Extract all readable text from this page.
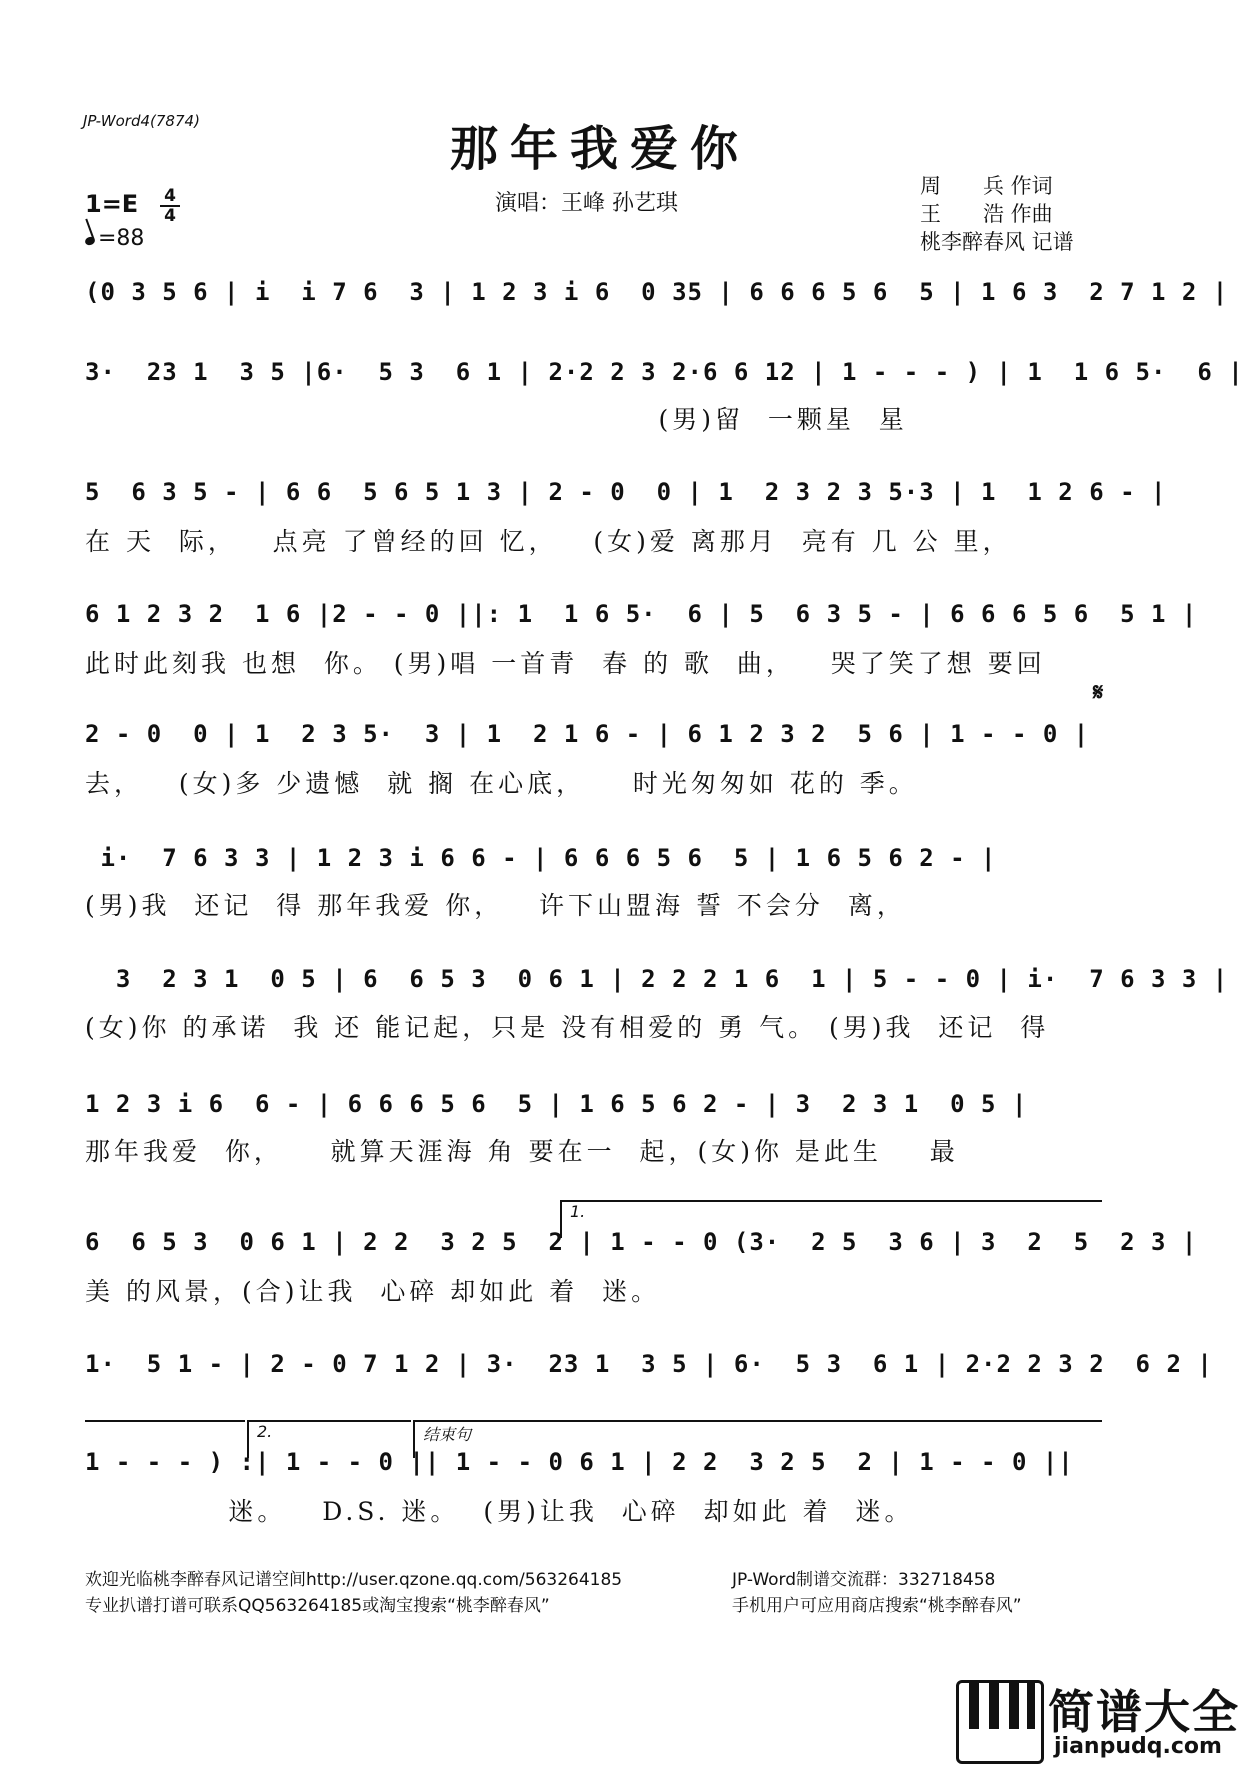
JP-Word4(7874)	那年我爱你
1=E 4
4
=88
演唱：王峰 孙艺琪
周　　兵 作词
王　　浩 作曲
桃李醉春风 记谱
𝄋
(0 3 5 6 | i  i 7 6  3 | 1 2 3 i 6  0 35 | 6 6 6 5 6  5 | 1 6 3  2 7 1 2 |
3·  23 1  3 5 |6·  5 3  6 1 | 2·2 2 3 2·6 6 12 | 1 - - - ) | 1  1 6 5·  6 |
(男)留  一颗星  星
5  6 3 5 - | 6 6  5 6 5 1 3 | 2 - 0  0 | 1  2 3 2 3 5·3 | 1  1 2 6 - |
在 天  际，   点亮 了曾经的回 忆，   (女)爱 离那月  亮有 几 公 里，
6 1 2 3 2  1 6 |2 - - 0 ||: 1  1 6 5·  6 | 5  6 3 5 - | 6 6 6 5 6  5 1 |
此时此刻我 也想  你。 (男)唱 一首青  春 的 歌  曲，   哭了笑了想 要回
2 - 0  0 | 1  2 3 5·  3 | 1  2 1 6 - | 6 1 2 3 2  5 6 | 1 - - 0 |
去，   (女)多 少遗憾  就 搁 在心底，    时光匆匆如 花的 季。
i·  7 6 3 3 | 1 2 3 i 6 6 - | 6 6 6 5 6  5 | 1 6 5 6 2 - |
(男)我  还记  得 那年我爱 你，   许下山盟海 誓 不会分  离，
3  2 3 1  0 5 | 6  6 5 3  0 6 1 | 2 2 2 1 6  1 | 5 - - 0 | i·  7 6 3 3 |
(女)你 的承诺  我 还 能记起，只是 没有相爱的 勇 气。 (男)我  还记  得
1 2 3 i 6  6 - | 6 6 6 5 6  5 | 1 6 5 6 2 - | 3  2 3 1  0 5 |
那年我爱  你，    就算天涯海 角 要在一  起，(女)你 是此生    最
1.
6  6 5 3  0 6 1 | 2 2  3 2 5  2 | 1 - - 0 (3·  2 5  3 6 | 3  2  5  2 3 |
美 的风景，(合)让我  心碎 却如此 着  迷。
1·  5 1 - | 2 - 0 7 1 2 | 3·  23 1  3 5 | 6·  5 3  6 1 | 2·2 2 3 2  6 2 |
2.	结束句
1 - - - ) :| 1 - - 0 || 1 - - 0 6 1 | 2 2  3 2 5  2 | 1 - - 0 ||
迷。   D.S. 迷。  (男)让我  心碎  却如此 着  迷。
欢迎光临桃李醉春风记谱空间http://user.qzone.qq.com/563264185
专业扒谱打谱可联系QQ563264185或淘宝搜索“桃李醉春风”
JP-Word制谱交流群：332718458
手机用户可应用商店搜索“桃李醉春风”
简谱大全
jianpudq.com
